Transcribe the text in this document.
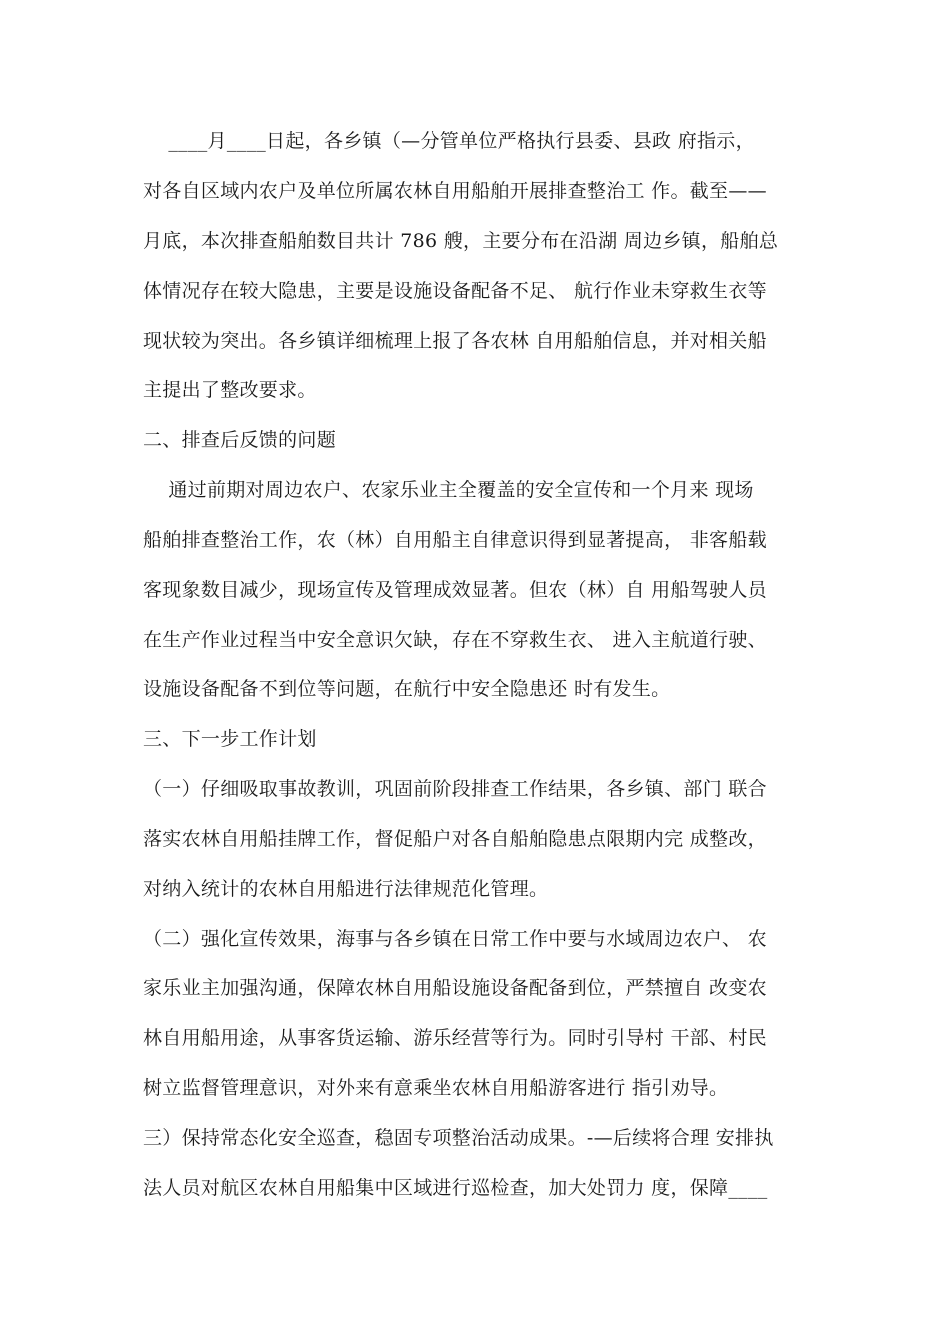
____月____日起，各乡镇（—分管单位严格执行县委、县政 府指示，
对各自区域内农户及单位所属农林自用船舶开展排查整治工 作。截至——
月底，本次排查船舶数目共计 786 艘，主要分布在沿湖 周边乡镇，船舶总
体情况存在较大隐患，主要是设施设备配备不足、 航行作业未穿救生衣等
现状较为突出。各乡镇详细梳理上报了各农林 自用船舶信息，并对相关船
主提出了整改要求。
二、排查后反馈的问题
通过前期对周边农户、农家乐业主全覆盖的安全宣传和一个月来 现场
船舶排查整治工作，农（林）自用船主自律意识得到显著提高， 非客船载
客现象数目减少，现场宣传及管理成效显著。但农（林）自 用船驾驶人员
在生产作业过程当中安全意识欠缺，存在不穿救生衣、 进入主航道行驶、
设施设备配备不到位等问题，在航行中安全隐患还 时有发生。
三、下一步工作计划
（一）仔细吸取事故教训，巩固前阶段排查工作结果，各乡镇、部门 联合
落实农林自用船挂牌工作，督促船户对各自船舶隐患点限期内完 成整改，
对纳入统计的农林自用船进行法律规范化管理。
（二）强化宣传效果，海事与各乡镇在日常工作中要与水域周边农户、 农
家乐业主加强沟通，保障农林自用船设施设备配备到位，严禁擅自 改变农
林自用船用途，从事客货运输、游乐经营等行为。同时引导村 干部、村民
树立监督管理意识，对外来有意乘坐农林自用船游客进行 指引劝导。
三）保持常态化安全巡查，稳固专项整治活动成果。-—后续将合理 安排执
法人员对航区农林自用船集中区域进行巡检查，加大处罚力 度，保障____
